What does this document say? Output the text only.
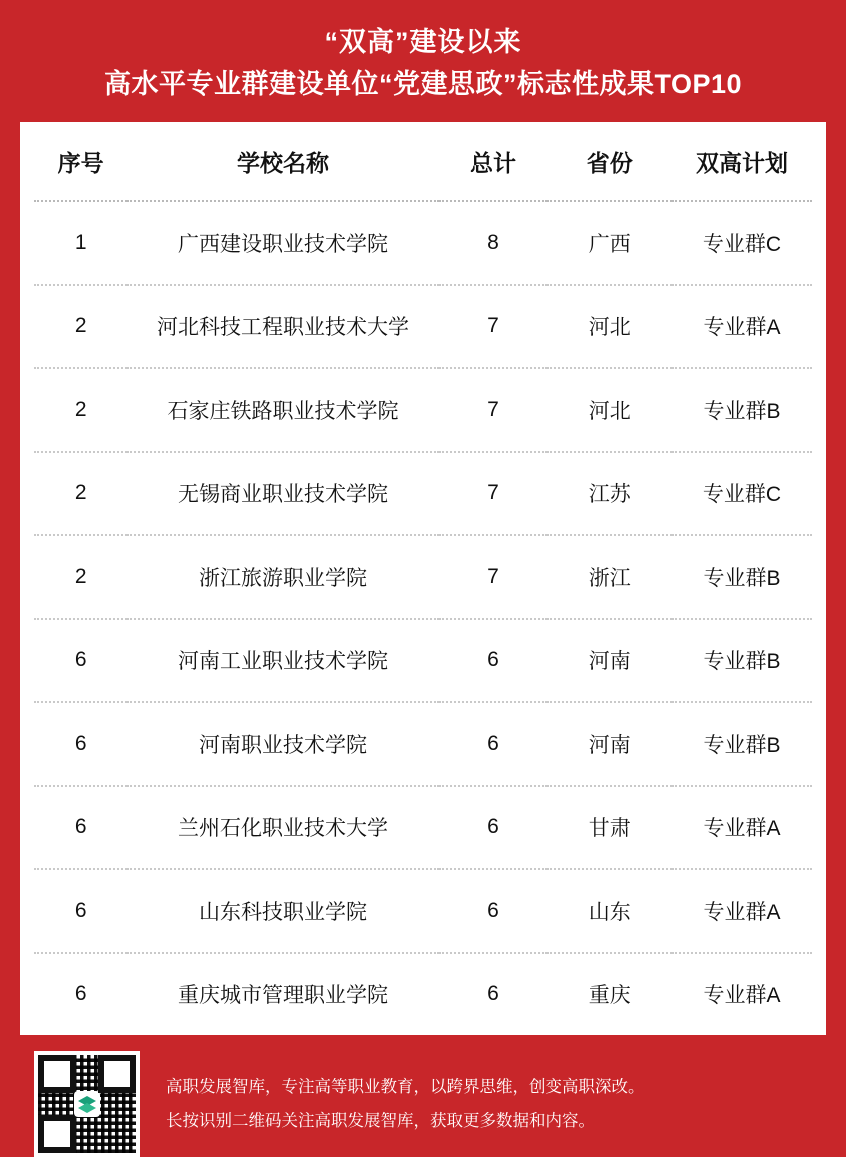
“双高”建设以来
高水平专业群建设单位“党建思政”标志性成果TOP10
序号	学校名称	总计	省份	双高计划
1	广西建设职业技术学院	8	广西	专业群C
2	河北科技工程职业技术大学	7	河北	专业群A
2	石家庄铁路职业技术学院	7	河北	专业群B
2	无锡商业职业技术学院	7	江苏	专业群C
2	浙江旅游职业学院	7	浙江	专业群B
6	河南工业职业技术学院	6	河南	专业群B
6	河南职业技术学院	6	河南	专业群B
6	兰州石化职业技术大学	6	甘肃	专业群A
6	山东科技职业学院	6	山东	专业群A
6	重庆城市管理职业学院	6	重庆	专业群A
高职发展智库，专注高等职业教育，以跨界思维，创变高职深改。
长按识别二维码关注高职发展智库，获取更多数据和内容。
